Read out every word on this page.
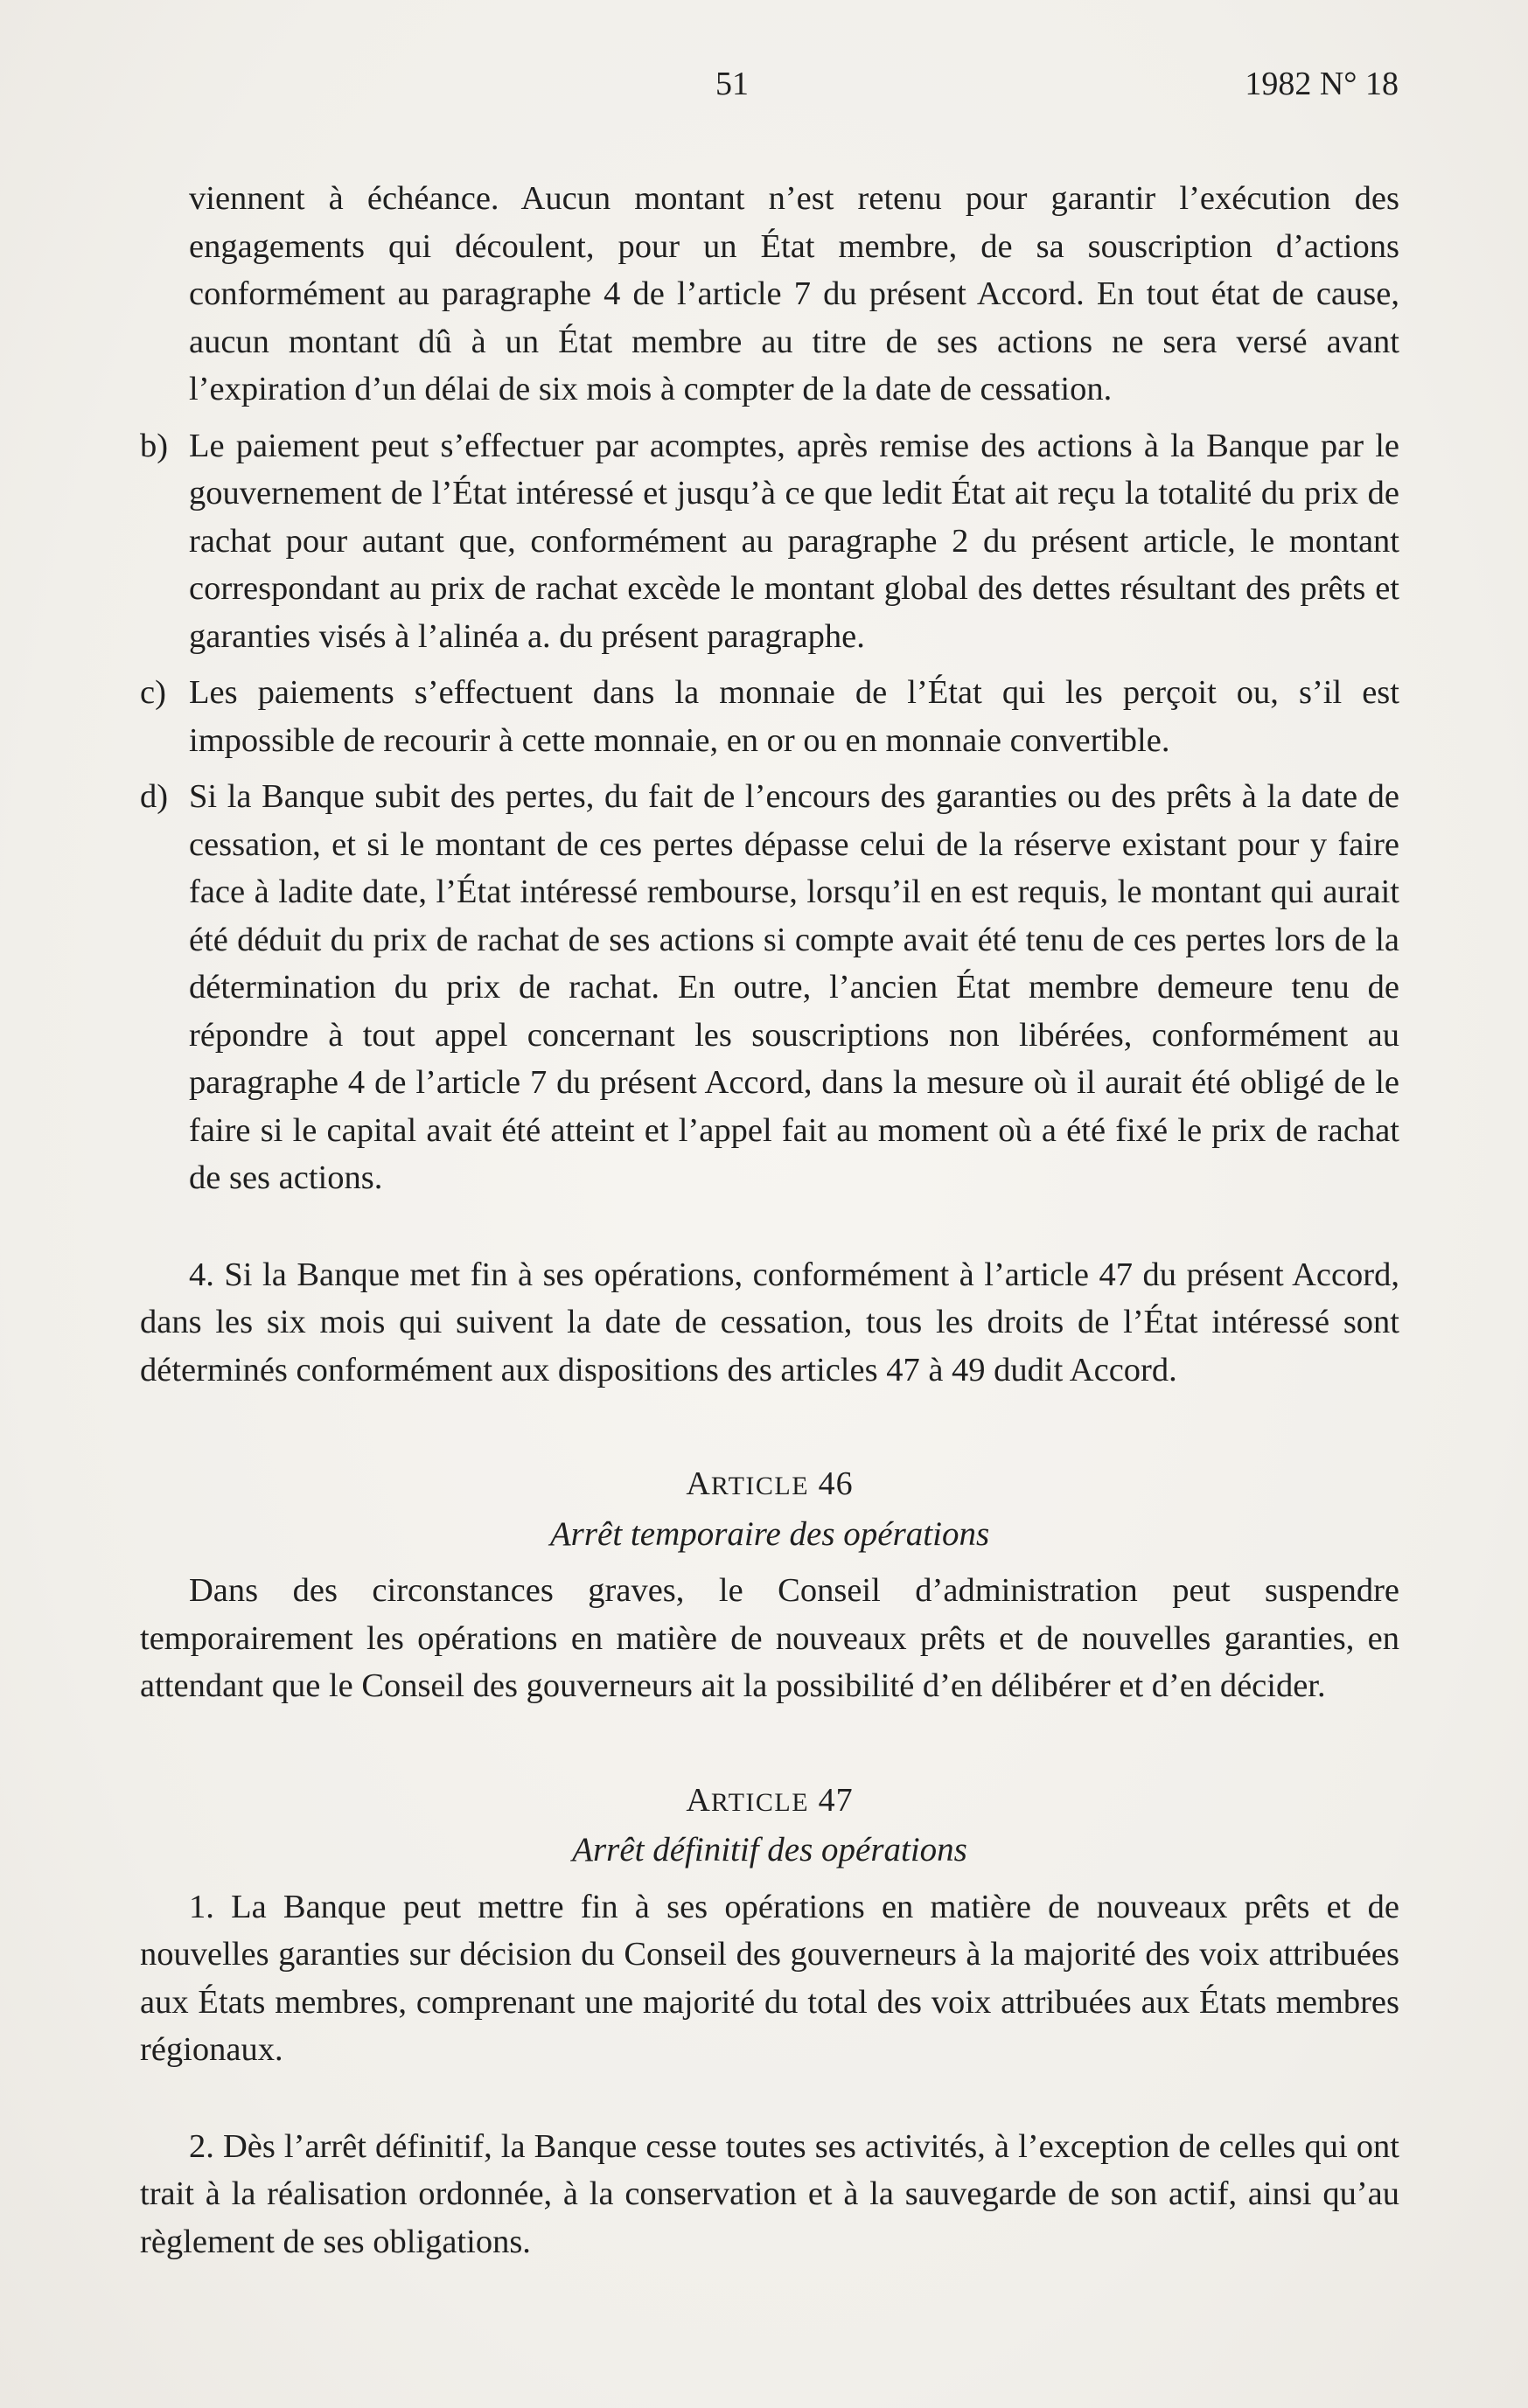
51	1982 N° 18

viennent à échéance. Aucun montant n’est retenu pour garantir l’exécution des engagements qui découlent, pour un État membre, de sa souscription d’actions conformément au paragraphe 4 de l’article 7 du présent Accord. En tout état de cause, aucun montant dû à un État membre au titre de ses actions ne sera versé avant l’expiration d’un délai de six mois à compter de la date de cessation.

b) Le paiement peut s’effectuer par acomptes, après remise des actions à la Banque par le gouvernement de l’État intéressé et jusqu’à ce que ledit État ait reçu la totalité du prix de rachat pour autant que, conformément au paragraphe 2 du présent article, le montant correspondant au prix de rachat excède le montant global des dettes résultant des prêts et garanties visés à l’alinéa a. du présent paragraphe.

c) Les paiements s’effectuent dans la monnaie de l’État qui les perçoit ou, s’il est impossible de recourir à cette monnaie, en or ou en monnaie convertible.

d) Si la Banque subit des pertes, du fait de l’encours des garanties ou des prêts à la date de cessation, et si le montant de ces pertes dépasse celui de la réserve existant pour y faire face à ladite date, l’État intéressé rembourse, lorsqu’il en est requis, le montant qui aurait été déduit du prix de rachat de ses actions si compte avait été tenu de ces pertes lors de la détermination du prix de rachat. En outre, l’ancien État membre demeure tenu de répondre à tout appel concernant les souscriptions non libérées, conformément au paragraphe 4 de l’article 7 du présent Accord, dans la mesure où il aurait été obligé de le faire si le capital avait été atteint et l’appel fait au moment où a été fixé le prix de rachat de ses actions.

4. Si la Banque met fin à ses opérations, conformément à l’article 47 du présent Accord, dans les six mois qui suivent la date de cessation, tous les droits de l’État intéressé sont déterminés conformément aux dispositions des articles 47 à 49 dudit Accord.

ARTICLE 46
Arrêt temporaire des opérations

Dans des circonstances graves, le Conseil d’administration peut suspendre temporairement les opérations en matière de nouveaux prêts et de nouvelles garanties, en attendant que le Conseil des gouverneurs ait la possibilité d’en délibérer et d’en décider.

ARTICLE 47
Arrêt définitif des opérations

1. La Banque peut mettre fin à ses opérations en matière de nouveaux prêts et de nouvelles garanties sur décision du Conseil des gouverneurs à la majorité des voix attribuées aux États membres, comprenant une majorité du total des voix attribuées aux États membres régionaux.

2. Dès l’arrêt définitif, la Banque cesse toutes ses activités, à l’exception de celles qui ont trait à la réalisation ordonnée, à la conservation et à la sauvegarde de son actif, ainsi qu’au règlement de ses obligations.
